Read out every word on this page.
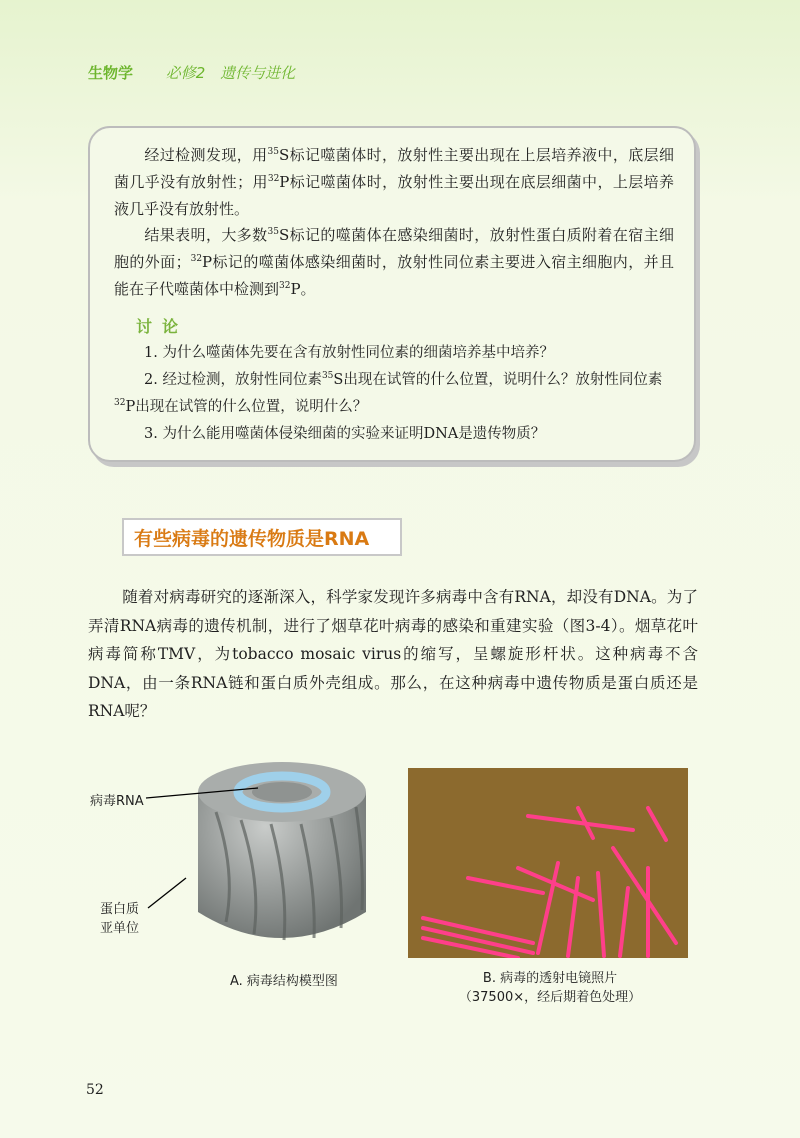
生物学 必修2 遗传与进化

经过检测发现，用$^{35}$S标记噬菌体时，放射性主要出现在上层培养液中，底层细菌几乎没有放射性；用$^{32}$P标记噬菌体时，放射性主要出现在底层细菌中，上层培养液几乎没有放射性。

结果表明，大多数$^{35}$S标记的噬菌体在感染细菌时，放射性蛋白质附着在宿主细胞的外面；$^{32}$P标记的噬菌体感染细菌时，放射性同位素主要进入宿主细胞内，并且能在子代噬菌体中检测到$^{32}$P。

讨论

1. 为什么噬菌体先要在含有放射性同位素的细菌培养基中培养？

2. 经过检测，放射性同位素$^{35}$S出现在试管的什么位置，说明什么？放射性同位素$^{32}$P出现在试管的什么位置，说明什么？

3. 为什么能用噬菌体侵染细菌的实验来证明DNA是遗传物质？

有些病毒的遗传物质是RNA

随着对病毒研究的逐渐深入，科学家发现许多病毒中含有RNA，却没有DNA。为了弄清RNA病毒的遗传机制，进行了烟草花叶病毒的感染和重建实验（图3-4）。烟草花叶病毒简称TMV，为tobacco mosaic virus的缩写，呈螺旋形杆状。这种病毒不含DNA，由一条RNA链和蛋白质外壳组成。那么，在这种病毒中遗传物质是蛋白质还是RNA呢？

病毒RNA
蛋白质
亚单位
A. 病毒结构模型图	B. 病毒的透射电镜照片
（37500×，经后期着色处理）
52
